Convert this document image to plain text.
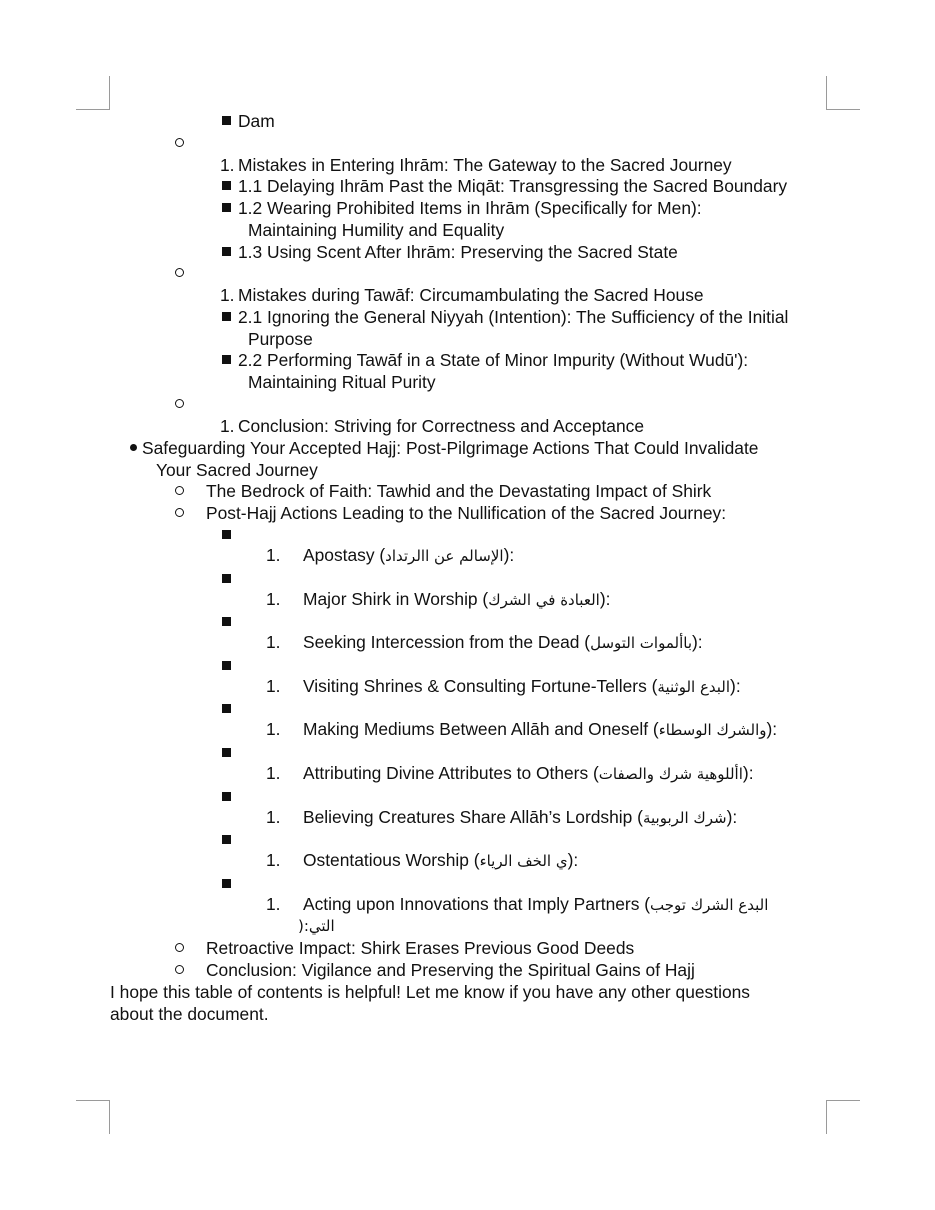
Dam
1. Mistakes in Entering Ihrām: The Gateway to the Sacred Journey
1.1 Delaying Ihrām Past the Miqāt: Transgressing the Sacred Boundary
1.2 Wearing Prohibited Items in Ihrām (Specifically for Men):
Maintaining Humility and Equality
1.3 Using Scent After Ihrām: Preserving the Sacred State
1. Mistakes during Tawāf: Circumambulating the Sacred House
2.1 Ignoring the General Niyyah (Intention): The Sufficiency of the Initial
Purpose
2.2 Performing Tawāf in a State of Minor Impurity (Without Wudū'):
Maintaining Ritual Purity
1. Conclusion: Striving for Correctness and Acceptance
Safeguarding Your Accepted Hajj: Post-Pilgrimage Actions That Could Invalidate
Your Sacred Journey
The Bedrock of Faith: Tawhid and the Devastating Impact of Shirk
Post-Hajj Actions Leading to the Nullification of the Sacred Journey:
1. Apostasy (الإسالم عن االرتداد):
1. Major Shirk in Worship (العبادة في الشرك):
1. Seeking Intercession from the Dead (باألموات التوسل):
1. Visiting Shrines & Consulting Fortune-Tellers (البدع الوثنية):
1. Making Mediums Between Allāh and Oneself (والشرك الوسطاء):
1. Attributing Divine Attributes to Others (األلوهية شرك والصفات):
1. Believing Creatures Share Allāh’s Lordship (شرك الربوبية):
1. Ostentatious Worship (ي الخف الرياء):
1. Acting upon Innovations that Imply Partners (البدع الشرك توجب
):التي
Retroactive Impact: Shirk Erases Previous Good Deeds
Conclusion: Vigilance and Preserving the Spiritual Gains of Hajj
I hope this table of contents is helpful! Let me know if you have any other questions
about the document.
